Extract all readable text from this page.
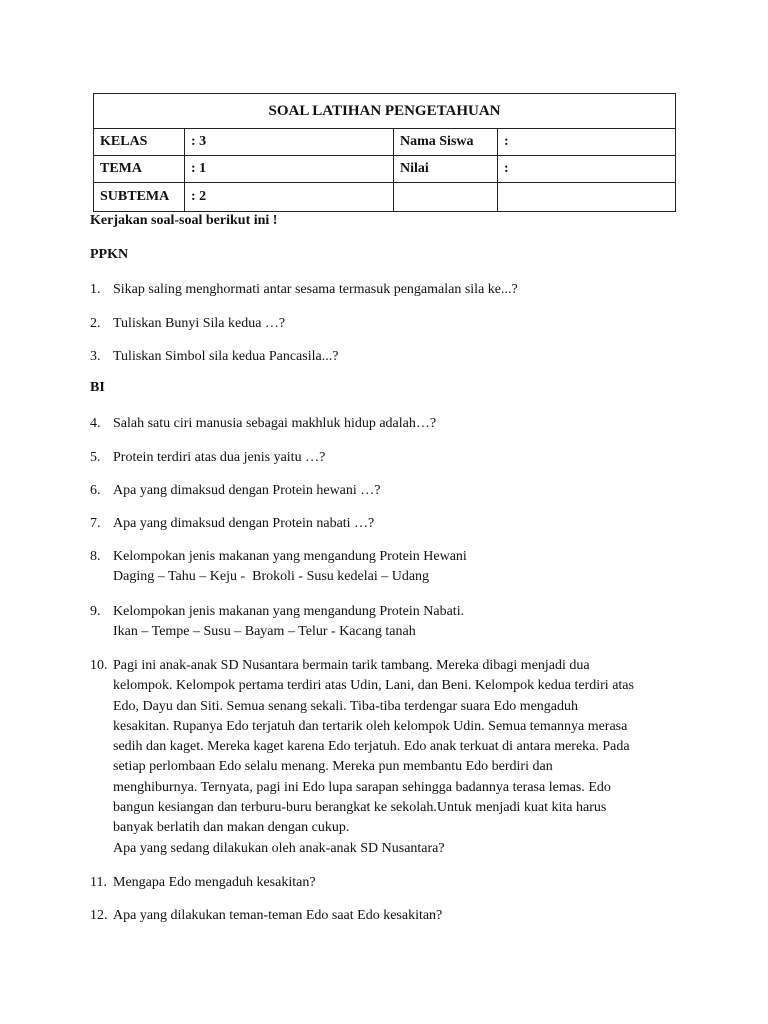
SOAL LATIHAN PENGETAHUAN			
KELAS	: 3	Nama Siswa	:
TEMA	: 1	Nilai	:
SUBTEMA	: 2		
Kerjakan soal-soal berikut ini !
PPKN
1. Sikap saling menghormati antar sesama termasuk pengamalan sila ke...?
2. Tuliskan Bunyi Sila kedua …?
3. Tuliskan Simbol sila kedua Pancasila...?
BI
4. Salah satu ciri manusia sebagai makhluk hidup adalah…?
5. Protein terdiri atas dua jenis yaitu …?
6. Apa yang dimaksud dengan Protein hewani …?
7. Apa yang dimaksud dengan Protein nabati …?
8. Kelompokan jenis makanan yang mengandung Protein Hewani
Daging – Tahu – Keju -  Brokoli - Susu kedelai – Udang
9. Kelompokan jenis makanan yang mengandung Protein Nabati.
Ikan – Tempe – Susu – Bayam – Telur - Kacang tanah
10. Pagi ini anak-anak SD Nusantara bermain tarik tambang. Mereka dibagi menjadi dua
kelompok. Kelompok pertama terdiri atas Udin, Lani, dan Beni. Kelompok kedua terdiri atas
Edo, Dayu dan Siti. Semua senang sekali. Tiba-tiba terdengar suara Edo mengaduh
kesakitan. Rupanya Edo terjatuh dan tertarik oleh kelompok Udin. Semua temannya merasa
sedih dan kaget. Mereka kaget karena Edo terjatuh. Edo anak terkuat di antara mereka. Pada
setiap perlombaan Edo selalu menang. Mereka pun membantu Edo berdiri dan
menghiburnya. Ternyata, pagi ini Edo lupa sarapan sehingga badannya terasa lemas. Edo
bangun kesiangan dan terburu-buru berangkat ke sekolah.Untuk menjadi kuat kita harus
banyak berlatih dan makan dengan cukup.
Apa yang sedang dilakukan oleh anak-anak SD Nusantara?
11. Mengapa Edo mengaduh kesakitan?
12. Apa yang dilakukan teman-teman Edo saat Edo kesakitan?
